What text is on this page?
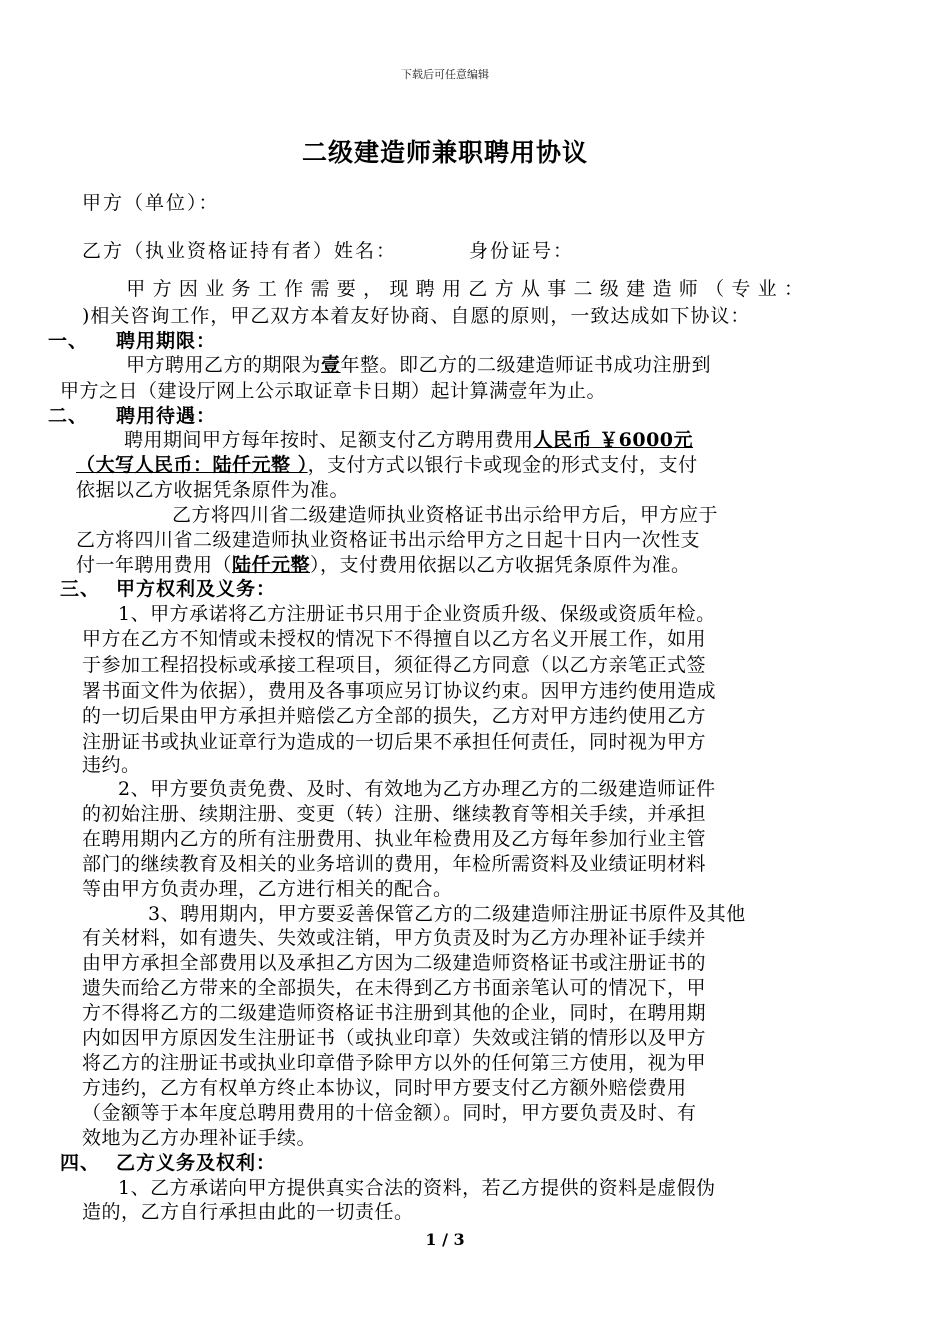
下载后可任意编辑
二级建造师兼职聘用协议
甲方（单位）：
乙方（执业资格证持有者）姓名：	身份证号：
甲方因业务工作需要，现聘用乙方从事二级建造师（专业：
)相关咨询工作，甲乙双方本着友好协商、自愿的原则，一致达成如下协议：
一、 聘用期限：
甲方聘用乙方的期限为壹年整。即乙方的二级建造师证书成功注册到
甲方之日（建设厅网上公示取证章卡日期）起计算满壹年为止。
二、 聘用待遇：
聘用期间甲方每年按时、足额支付乙方聘用费用人民币 ￥6000元
（大写人民币：陆仟元整 ），支付方式以银行卡或现金的形式支付，支付
依据以乙方收据凭条原件为准。
乙方将四川省二级建造师执业资格证书出示给甲方后，甲方应于
乙方将四川省二级建造师执业资格证书出示给甲方之日起十日内一次性支
付一年聘用费用（陆仟元整），支付费用依据以乙方收据凭条原件为准。
三、 甲方权利及义务：
1、甲方承诺将乙方注册证书只用于企业资质升级、保级或资质年检。
甲方在乙方不知情或未授权的情况下不得擅自以乙方名义开展工作，如用
于参加工程招投标或承接工程项目，须征得乙方同意（以乙方亲笔正式签
署书面文件为依据），费用及各事项应另订协议约束。因甲方违约使用造成
的一切后果由甲方承担并赔偿乙方全部的损失，乙方对甲方违约使用乙方
注册证书或执业证章行为造成的一切后果不承担任何责任，同时视为甲方
违约。
2、甲方要负责免费、及时、有效地为乙方办理乙方的二级建造师证件
的初始注册、续期注册、变更（转）注册、继续教育等相关手续，并承担
在聘用期内乙方的所有注册费用、执业年检费用及乙方每年参加行业主管
部门的继续教育及相关的业务培训的费用，年检所需资料及业绩证明材料
等由甲方负责办理，乙方进行相关的配合。
3、聘用期内，甲方要妥善保管乙方的二级建造师注册证书原件及其他
有关材料，如有遗失、失效或注销，甲方负责及时为乙方办理补证手续并
由甲方承担全部费用以及承担乙方因为二级建造师资格证书或注册证书的
遗失而给乙方带来的全部损失，在未得到乙方书面亲笔认可的情况下，甲
方不得将乙方的二级建造师资格证书注册到其他的企业，同时，在聘用期
内如因甲方原因发生注册证书（或执业印章）失效或注销的情形以及甲方
将乙方的注册证书或执业印章借予除甲方以外的任何第三方使用，视为甲
方违约，乙方有权单方终止本协议，同时甲方要支付乙方额外赔偿费用
（金额等于本年度总聘用费用的十倍金额）。同时，甲方要负责及时、有
效地为乙方办理补证手续。
四、 乙方义务及权利：
1、乙方承诺向甲方提供真实合法的资料，若乙方提供的资料是虚假伪
造的，乙方自行承担由此的一切责任。
1 / 3
